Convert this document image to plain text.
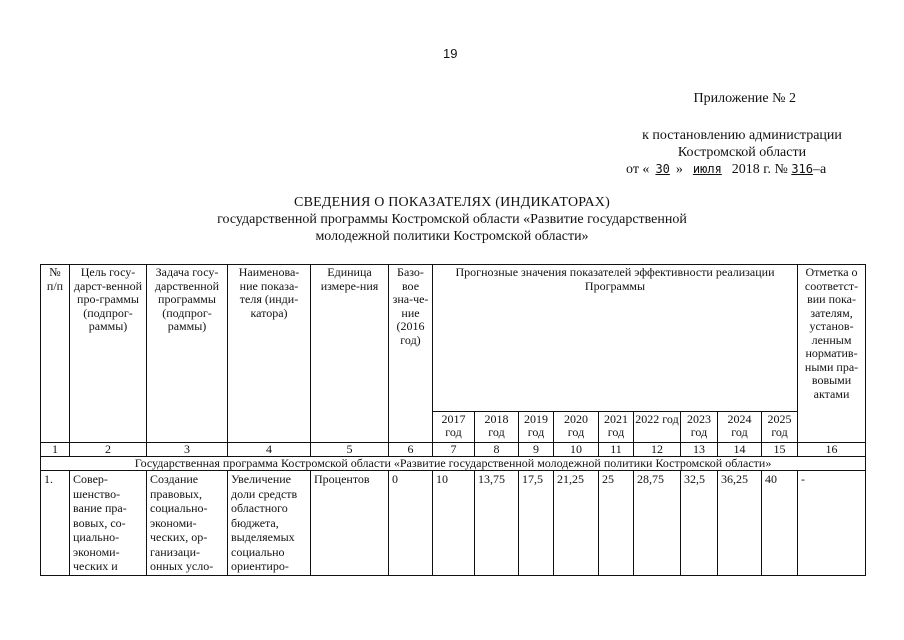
19
Приложение № 2
к постановлению администрации
Костромской области
от « 30 » июля 2018 г. № 316–а
СВЕДЕНИЯ О ПОКАЗАТЕЛЯХ (ИНДИКАТОРАХ)
государственной программы Костромской области «Развитие государственной
молодежной политики Костромской области»
№ п/п	Цель госу-дарст-венной про-граммы (подпрог-раммы)	Задача госу-дарственной программы (подпрог-раммы)	Наименова-ние показа-теля (инди-катора)	Единица измере-ния	Базо-вое зна-че-ние (2016 год)	Прогнозные значения показателей эффективности реализации Программы									Отметка о соответст-вии пока-зателям, установ-ленным норматив-ными пра-вовыми актами
						2017 год	2018 год	2019 год	2020 год	2021 год	2022 год	2023 год	2024 год	2025 год	
1	2	3	4	5	6	7	8	9	10	11	12	13	14	15	16
Государственная программа Костромской области «Развитие государственной молодежной политики Костромской области»															
1.	Совер-шенство-вание пра-вовых, со-циально-экономи-ческих и	Создание правовых, социально-экономи-ческих, ор-ганизаци-онных усло-	Увеличение доли средств областного бюджета, выделяемых социально ориентиро-	Процентов	0	10	13,75	17,5	21,25	25	28,75	32,5	36,25	40	-
